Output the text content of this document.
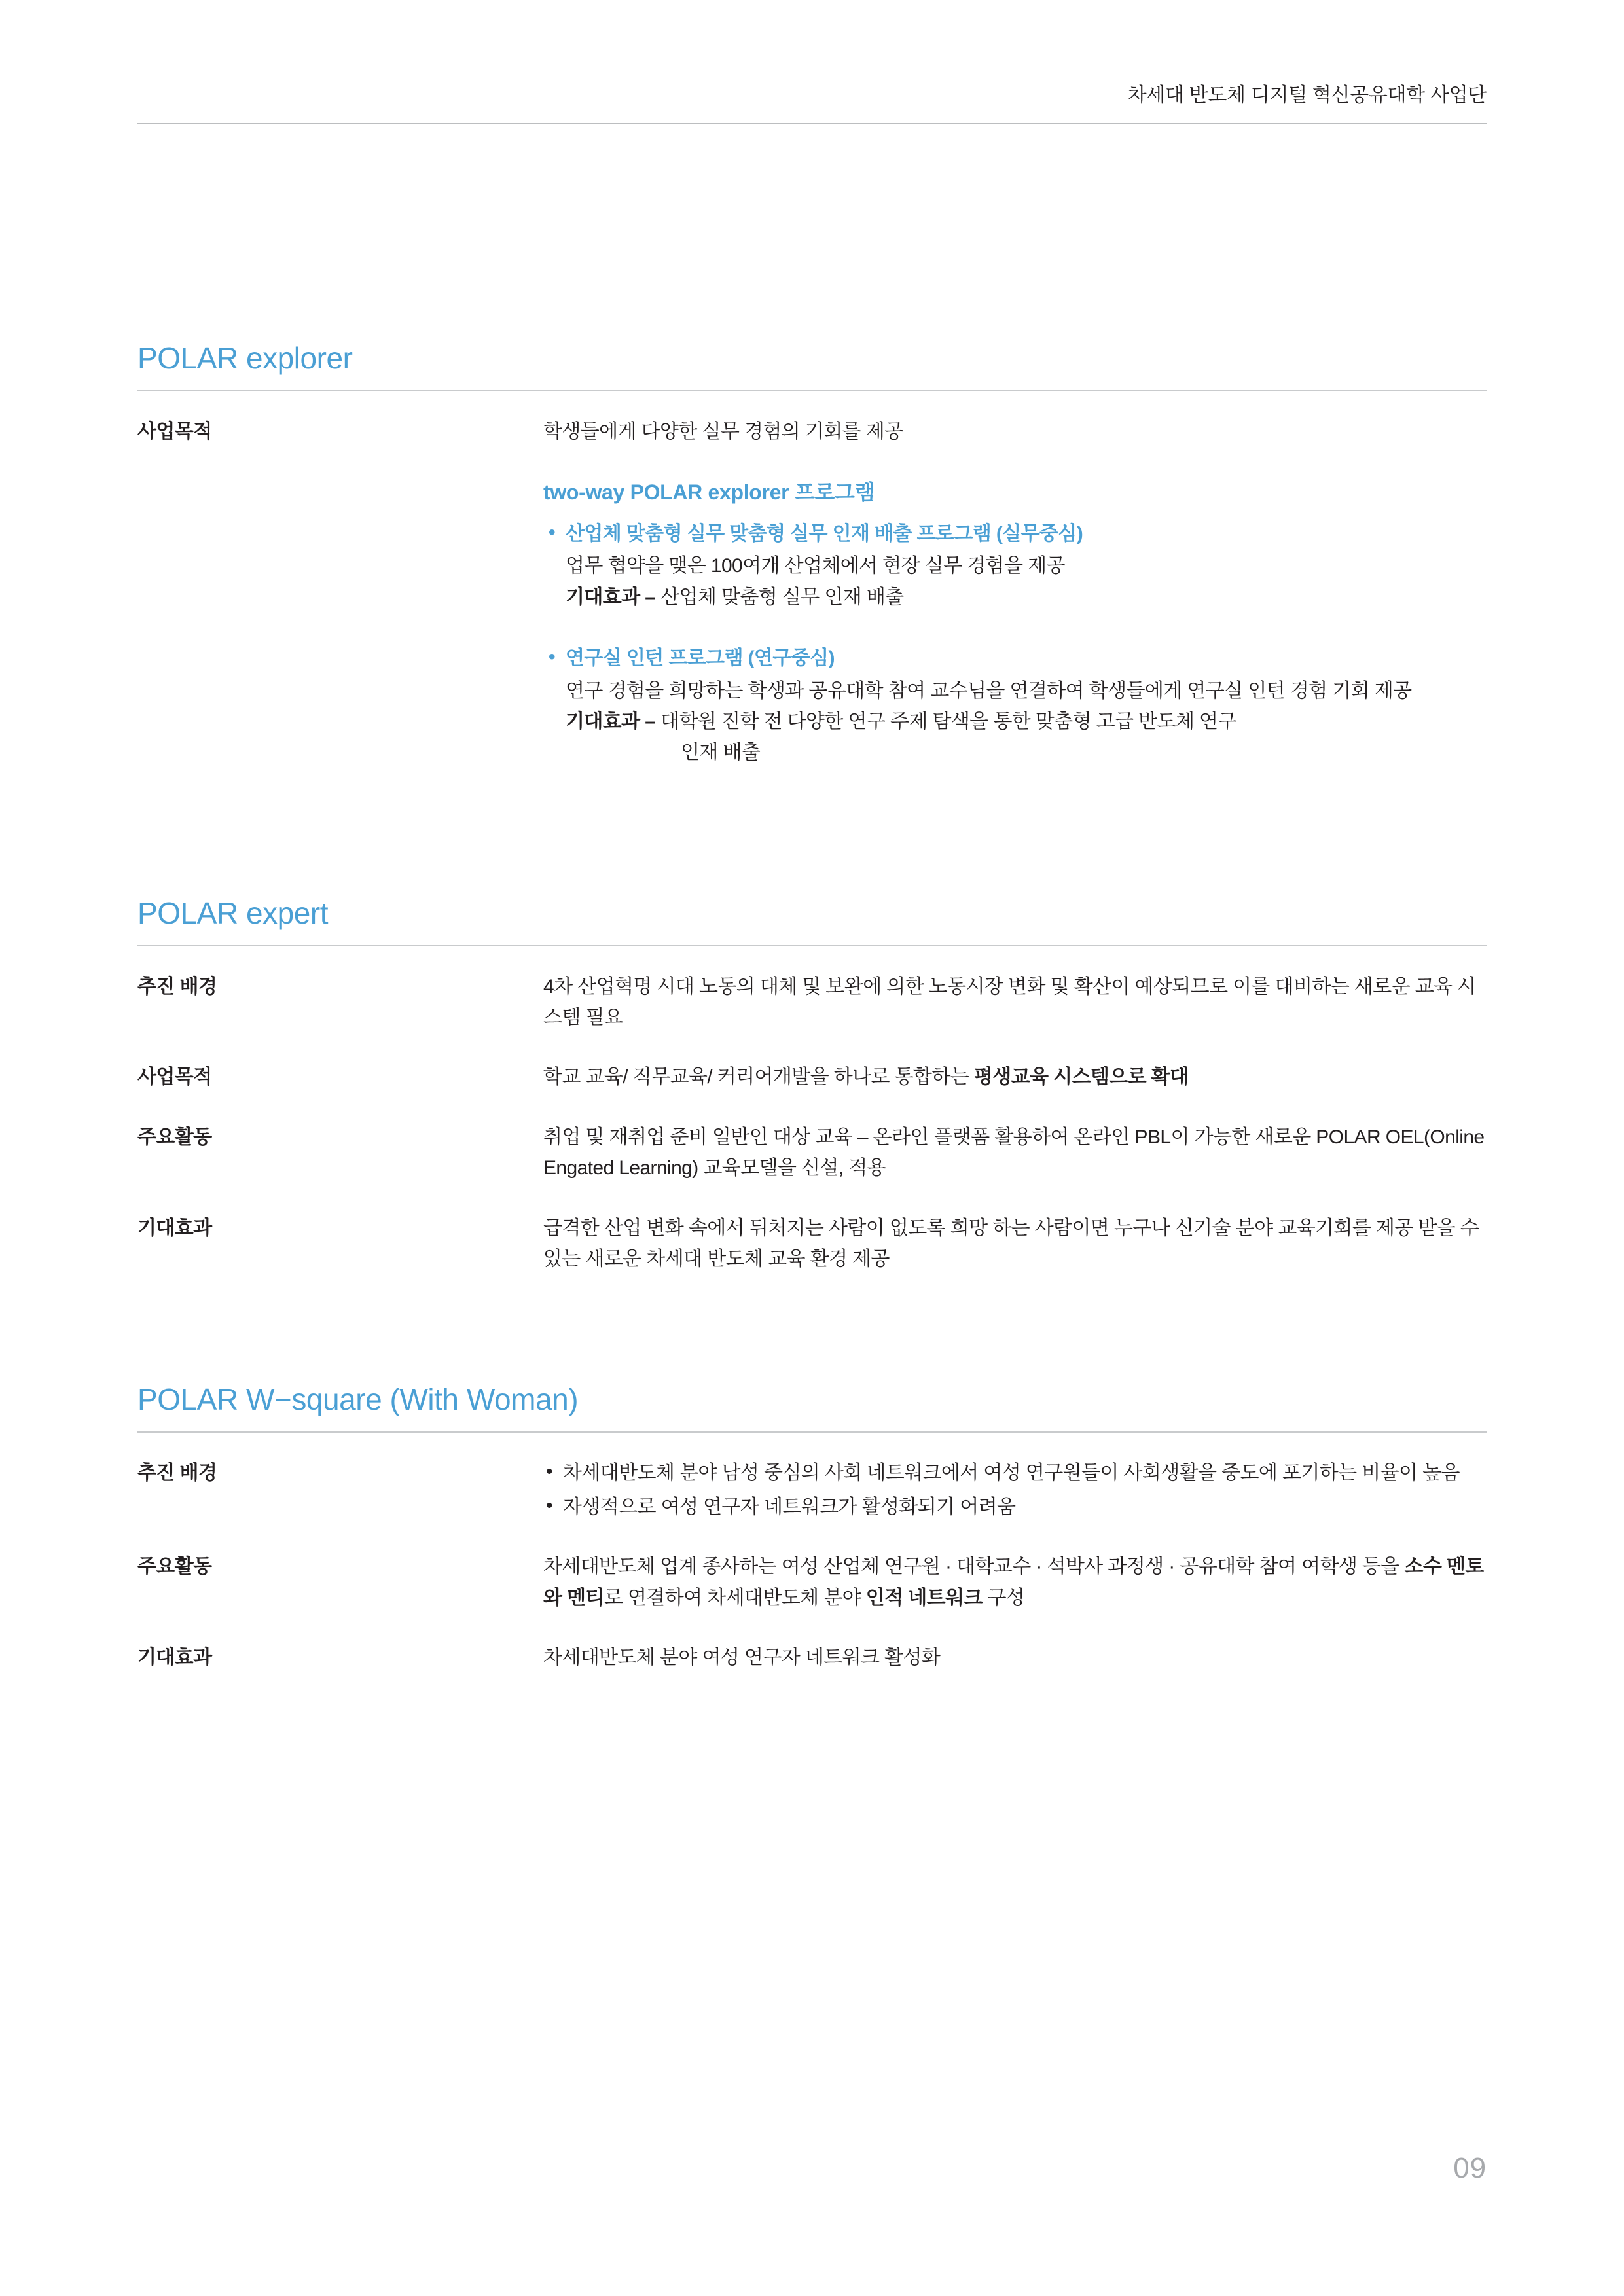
차세대 반도체 디지털 혁신공유대학 사업단
POLAR explorer
사업목적	학생들에게 다양한 실무 경험의 기회를 제공

two-way POLAR explorer 프로그램
• 산업체 맞춤형 실무 맞춤형 실무 인재 배출 프로그램 (실무중심)
업무 협약을 맺은 100여개 산업체에서 현장 실무 경험을 제공
기대효과 – 산업체 맞춤형 실무 인재 배출
• 연구실 인턴 프로그램 (연구중심)
연구 경험을 희망하는 학생과 공유대학 참여 교수님을 연결하여 학생들에게 연구실 인턴 경험 기회 제공
기대효과 – 대학원 진학 전 다양한 연구 주제 탐색을 통한 맞춤형 고급 반도체 연구
인재 배출
POLAR expert
추진 배경	4차 산업혁명 시대 노동의 대체 및 보완에 의한 노동시장 변화 및 확산이 예상되므로 이를 대비하는 새로운 교육 시스템 필요
사업목적	학교 교육/ 직무교육/ 커리어개발을 하나로 통합하는 평생교육 시스템으로 확대
주요활동	취업 및 재취업 준비 일반인 대상 교육 – 온라인 플랫폼 활용하여 온라인 PBL이 가능한 새로운 POLAR OEL(Online Engated Learning) 교육모델을 신설, 적용
기대효과	급격한 산업 변화 속에서 뒤처지는 사람이 없도록 희망 하는 사람이면 누구나 신기술 분야 교육기회를 제공 받을 수 있는 새로운 차세대 반도체 교육 환경 제공
POLAR W−square (With Woman)
추진 배경	• 차세대반도체 분야 남성 중심의 사회 네트워크에서 여성 연구원들이 사회생활을 중도에 포기하는 비율이 높음
• 자생적으로 여성 연구자 네트워크가 활성화되기 어려움
주요활동	차세대반도체 업계 종사하는 여성 산업체 연구원 · 대학교수 · 석박사 과정생 · 공유대학 참여 여학생 등을 소수 멘토와 멘티로 연결하여 차세대반도체 분야 인적 네트워크 구성
기대효과	차세대반도체 분야 여성 연구자 네트워크 활성화
09
